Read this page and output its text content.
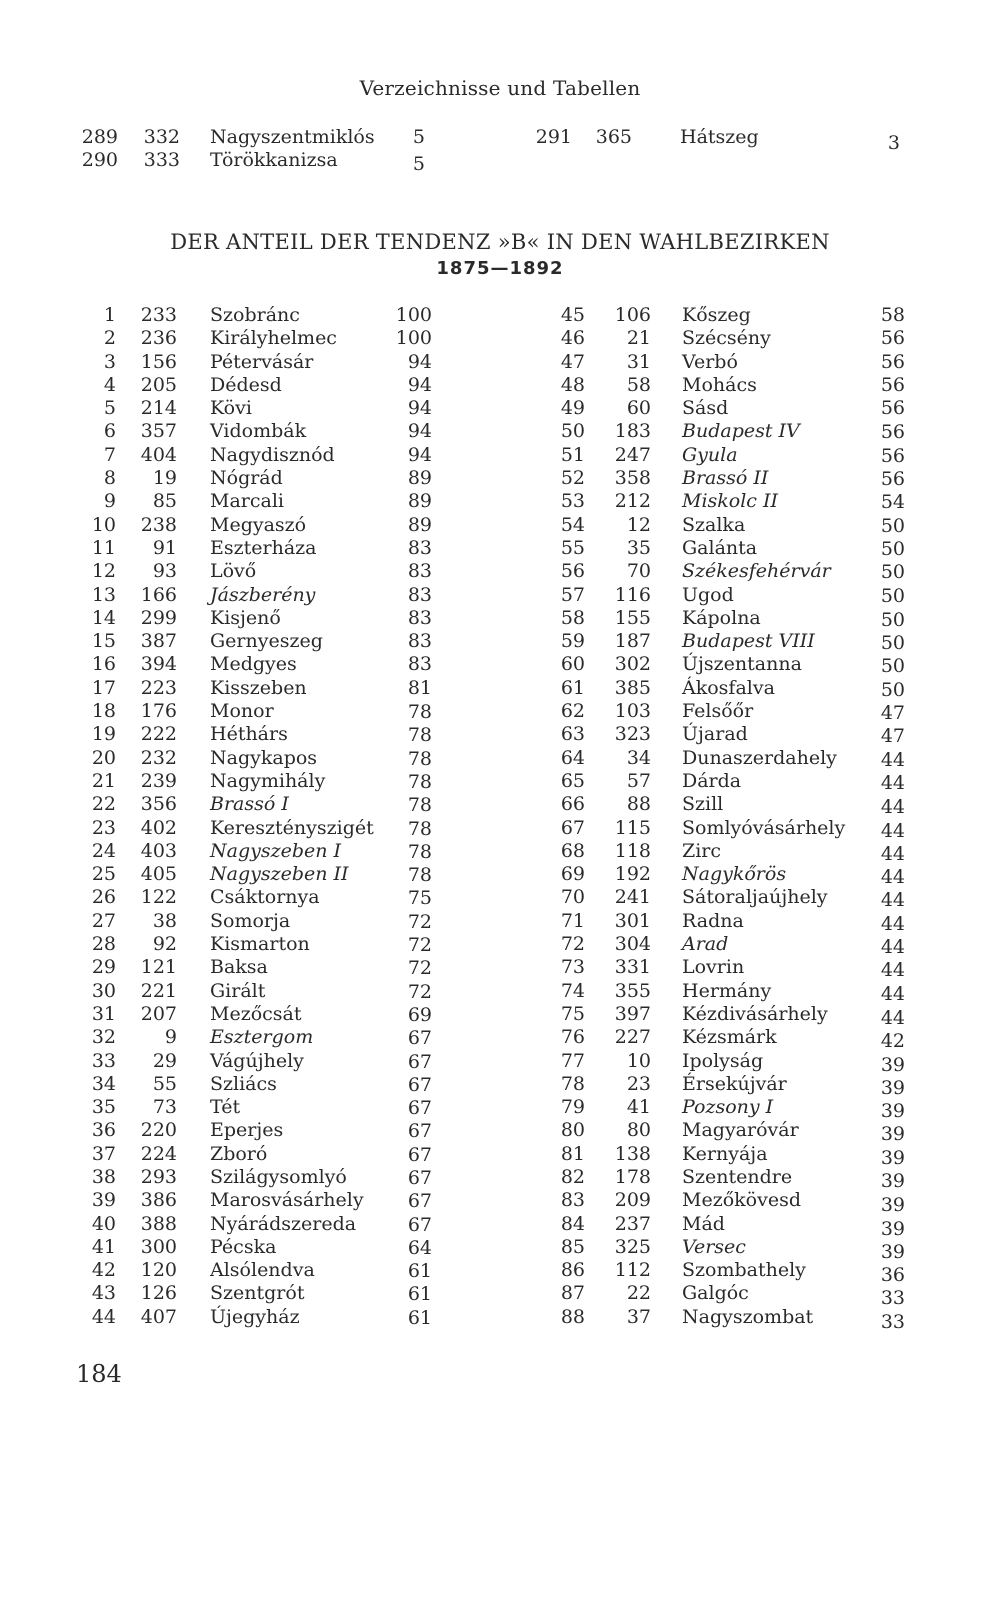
Verzeichnisse und Tabellen
289	332 Nagyszentmiklós	5	291 365	Hátszeg	3
290	333 Törökkanizsa	5
DER ANTEIL DER TENDENZ »B« IN DEN WAHLBEZIRKEN
1875—1892
1	233 Szobránc	100
2	236 Királyhelmec	100
3	156 Pétervásár	94
4	205 Dédesd	94
5	214 Kövi	94
6	357 Vidombák	94
7	404 Nagydisznód	94
8	19 Nógrád	89
9	85 Marcali	89
10	238 Megyaszó	89
11	91 Eszterháza	83
12	93 Lövő	83
13	166 Jászberény	83
14	299 Kisjenő	83
15	387 Gernyeszeg	83
16	394 Medgyes	83
17	223 Kisszeben	81
18	176 Monor	78
19	222 Héthárs	78
20	232 Nagykapos	78
21	239 Nagymihály	78
22	356 Brassó I	78
23	402 Keresztényszigét	78
24	403 Nagyszeben I	78
25	405 Nagyszeben II	78
26	122 Csáktornya	75
27	38 Somorja	72
28	92 Kismarton	72
29	121 Baksa	72
30	221 Girált	72
31	207 Mezőcsát	69
32	9 Esztergom	67
33	29 Vágújhely	67
34	55 Szliács	67
35	73 Tét	67
36	220 Eperjes	67
37	224 Zboró	67
38	293 Szilágysomlyó	67
39	386 Marosvásárhely	67
40	388 Nyárádszereda	67
41	300 Pécska	64
42	120 Alsólendva	61
43	126 Szentgrót	61
44	407 Újegyház	61
45	106 Kőszeg	58
46	21 Szécsény	56
47	31 Verbó	56
48	58 Mohács	56
49	60 Sásd	56
50	183 Budapest IV	56
51	247 Gyula	56
52	358 Brassó II	56
53	212 Miskolc II	54
54	12 Szalka	50
55	35 Galánta	50
56	70 Székesfehérvár	50
57	116 Ugod	50
58	155 Kápolna	50
59	187 Budapest VIII	50
60	302 Újszentanna	50
61	385 Ákosfalva	50
62	103 Felsőőr	47
63	323 Újarad	47
64	34 Dunaszerdahely	44
65	57 Dárda	44
66	88 Szill	44
67	115 Somlyóvásárhely	44
68	118 Zirc	44
69	192 Nagykőrös	44
70	241 Sátoraljaújhely	44
71	301 Radna	44
72	304 Arad	44
73	331 Lovrin	44
74	355 Hermány	44
75	397 Kézdivásárhely	44
76	227 Kézsmárk	42
77	10 Ipolyság	39
78	23 Érsekújvár	39
79	41 Pozsony I	39
80	80 Magyaróvár	39
81	138 Kernyája	39
82	178 Szentendre	39
83	209 Mezőkövesd	39
84	237 Mád	39
85	325 Versec	39
86	112 Szombathely	36
87	22 Galgóc	33
88	37 Nagyszombat	33
184
